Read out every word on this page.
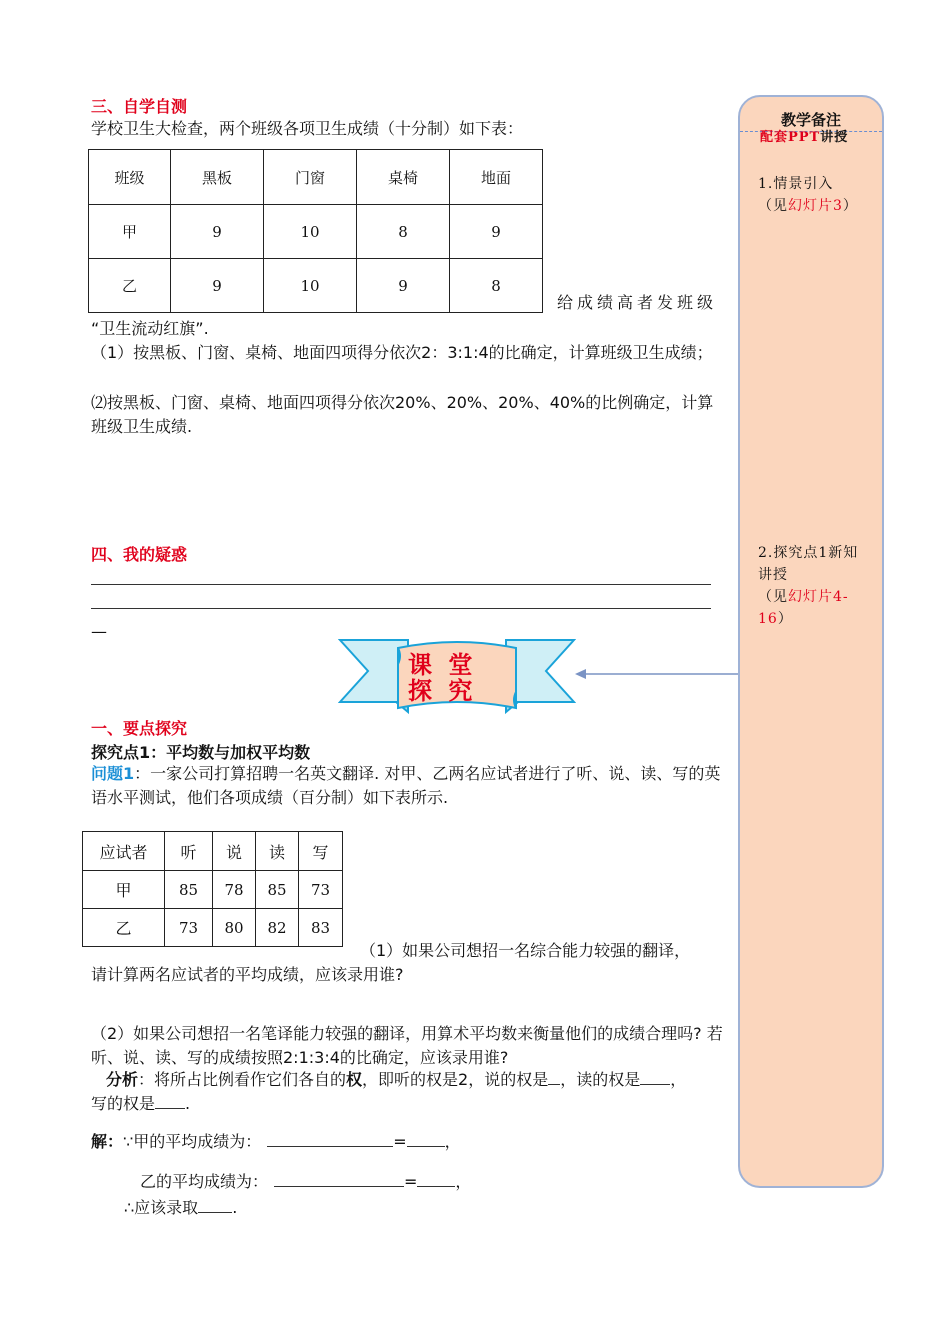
三、自学自测
学校卫生大检查，两个班级各项卫生成绩（十分制）如下表：
班级	黑板	门窗	桌椅	地面
甲	9	10	8	9
乙	9	10	9	8
给成绩高者发班级
“卫生流动红旗”.
（1）按黑板、门窗、桌椅、地面四项得分依次2：3:1:4的比确定，计算班级卫生成绩；
⑵按黑板、门窗、桌椅、地面四项得分依次20%、20%、20%、40%的比例确定，计算班级卫生成绩.
四、我的疑惑
—
课 堂 探 究
一、要点探究
探究点1：平均数与加权平均数
问题1：一家公司打算招聘一名英文翻译. 对甲、乙两名应试者进行了听、说、读、写的英语水平测试，他们各项成绩（百分制）如下表所示.
应试者	听	说	读	写
甲	85	78	85	73
乙	73	80	82	83
（1）如果公司想招一名综合能力较强的翻译，
请计算两名应试者的平均成绩，应该录用谁?
（2）如果公司想招一名笔译能力较强的翻译，用算术平均数来衡量他们的成绩合理吗? 若听、说、读、写的成绩按照2:1:3:4的比确定，应该录用谁?
分析：将所占比例看作它们各自的权，即听的权是2，说的权是 ，读的权是 ，
写的权是 .
解：∵甲的平均成绩为：	= ，
乙的平均成绩为：	= ，
∴应该录取 .
教学备注
配套PPT讲授
1.情景引入
（见幻灯片3）
2.探究点1新知讲授
（见幻灯片4-16）
